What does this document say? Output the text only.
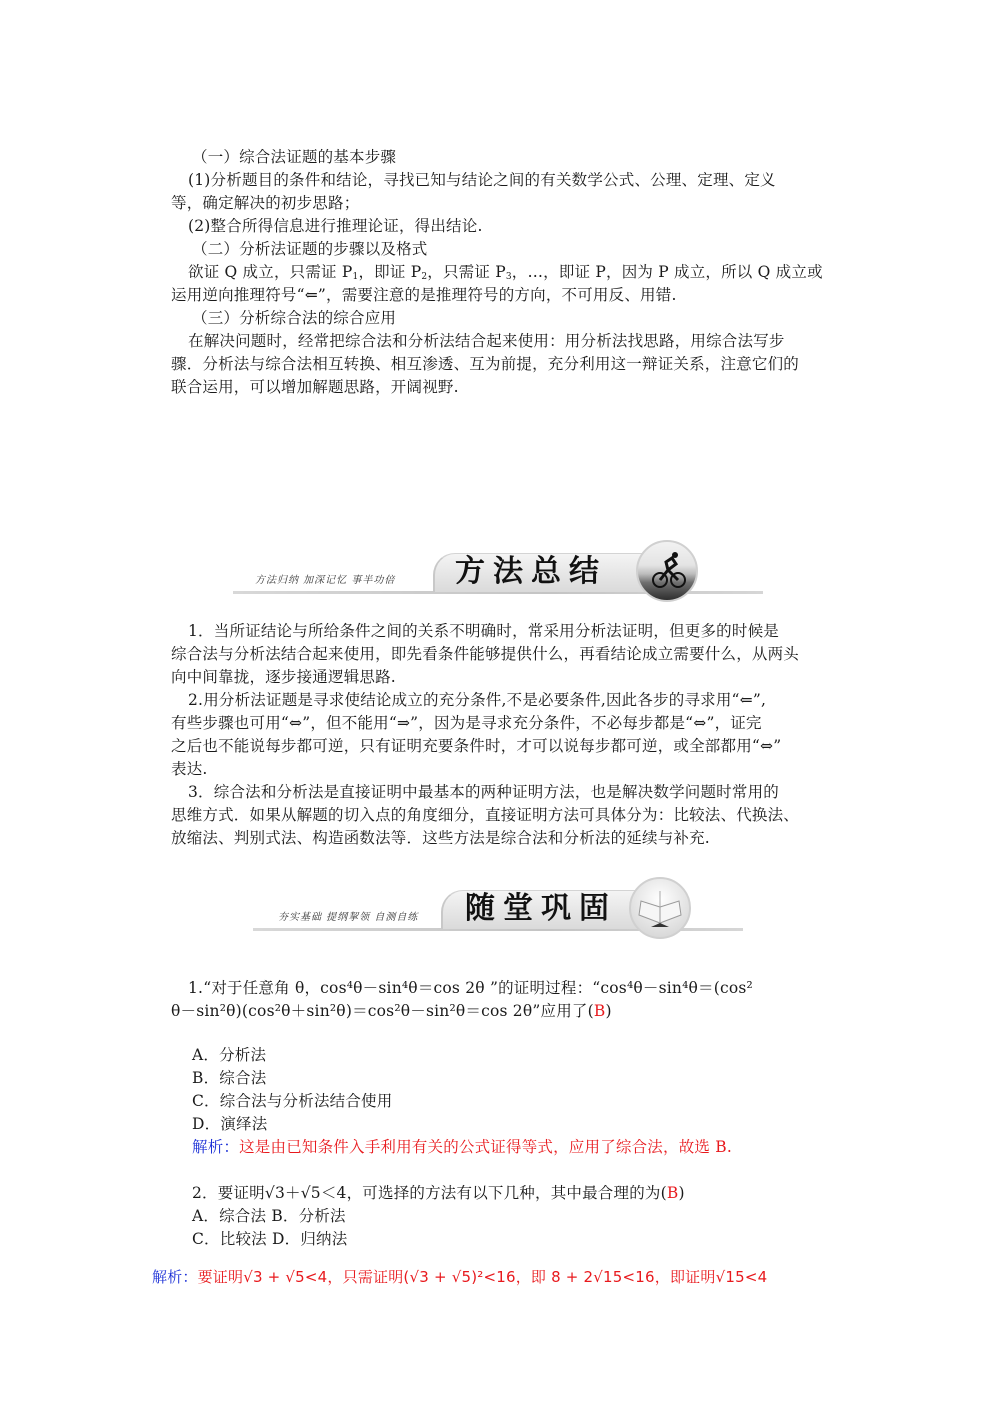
（一）综合法证题的基本步骤
(1)分析题目的条件和结论，寻找已知与结论之间的有关数学公式、公理、定理、定义
等，确定解决的初步思路；
(2)整合所得信息进行推理论证，得出结论.
（二）分析法证题的步骤以及格式
欲证 Q 成立，只需证 $P_1$，即证 $P_2$，只需证 $P_3$，…，即证 P，因为 P 成立，所以 Q 成立或
运用逆向推理符号“⇐”，需要注意的是推理符号的方向，不可用反、用错.
（三）分析综合法的综合应用
在解决问题时，经常把综合法和分析法结合起来使用：用分析法找思路，用综合法写步
骤．分析法与综合法相互转换、相互渗透、互为前提，充分利用这一辩证关系，注意它们的
联合运用，可以增加解题思路，开阔视野.
方法归纳 加深记忆 事半功倍 方法总结
1．当所证结论与所给条件之间的关系不明确时，常采用分析法证明，但更多的时候是
综合法与分析法结合起来使用，即先看条件能够提供什么，再看结论成立需要什么，从两头
向中间靠拢，逐步接通逻辑思路.
2.用分析法证题是寻求使结论成立的充分条件,不是必要条件,因此各步的寻求用“⇐”,
有些步骤也可用“⇔”，但不能用“⇒”，因为是寻求充分条件，不必每步都是“⇔”，证完
之后也不能说每步都可逆，只有证明充要条件时，才可以说每步都可逆，或全部都用“⇔”
表达.
3．综合法和分析法是直接证明中最基本的两种证明方法，也是解决数学问题时常用的
思维方式．如果从解题的切入点的角度细分，直接证明方法可具体分为：比较法、代换法、
放缩法、判别式法、构造函数法等．这些方法是综合法和分析法的延续与补充.
夯实基础 提纲挈领 自测自练 随堂巩固
1.“对于任意角 θ，cos⁴θ－sin⁴θ＝cos 2θ ”的证明过程：“cos⁴θ－sin⁴θ＝(cos²
θ－sin²θ)(cos²θ＋sin²θ)＝cos²θ－sin²θ＝cos 2θ”应用了(B)
A．分析法
B．综合法
C．综合法与分析法结合使用
D．演绎法
解析：这是由已知条件入手利用有关的公式证得等式，应用了综合法，故选 B.
2．要证明√3＋√5＜4，可选择的方法有以下几种，其中最合理的为(B)
A．综合法 B．分析法
C．比较法 D．归纳法
解析：要证明√3 + √5<4，只需证明(√3 + √5)²<16，即 8 + 2√15<16，即证明√15<4
